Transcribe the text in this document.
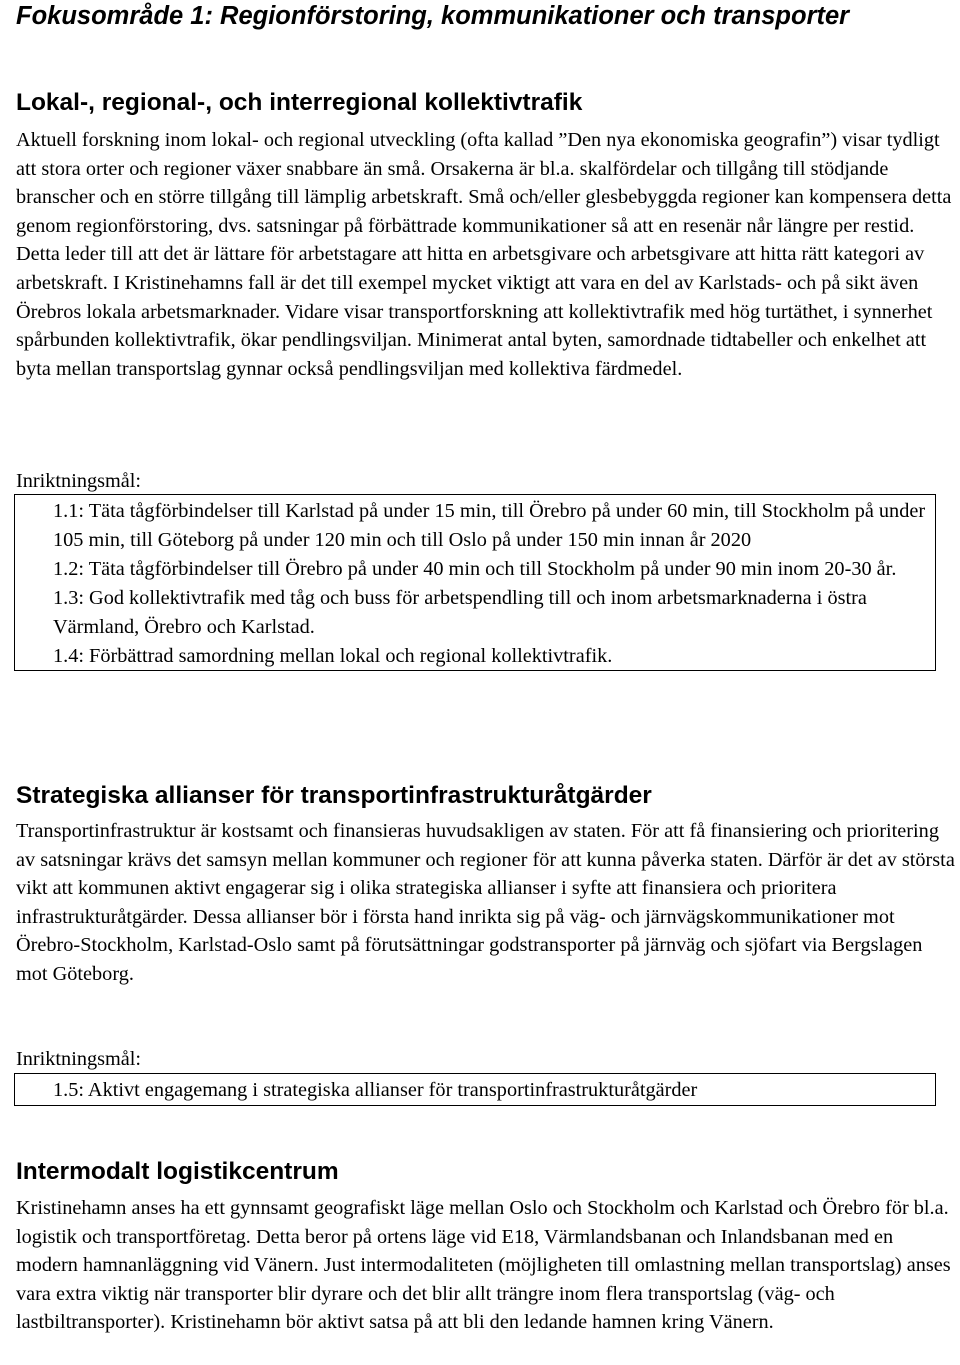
Fokusområde 1: Regionförstoring, kommunikationer och transporter
Lokal-, regional-, och interregional kollektivtrafik

Aktuell forskning inom lokal- och regional utveckling (ofta kallad ”Den nya ekonomiska geografin”) visar tydligt att stora orter och regioner växer snabbare än små. Orsakerna är bl.a. skalfördelar och tillgång till stödjande branscher och en större tillgång till lämplig arbetskraft. Små och/eller glesbebyggda regioner kan kompensera detta genom regionförstoring, dvs. satsningar på förbättrade kommunikationer så att en resenär når längre per restid. Detta leder till att det är lättare för arbetstagare att hitta en arbetsgivare och arbetsgivare att hitta rätt kategori av arbetskraft. I Kristinehamns fall är det till exempel mycket viktigt att vara en del av Karlstads- och på sikt även Örebros lokala arbetsmarknader. Vidare visar transportforskning att kollektivtrafik med hög turtäthet, i synnerhet spårbunden kollektivtrafik, ökar pendlingsviljan. Minimerat antal byten, samordnade tidtabeller och enkelhet att byta mellan transportslag gynnar också pendlingsviljan med kollektiva färdmedel.

Inriktningsmål:

1.1: Täta tågförbindelser till Karlstad på under 15 min, till Örebro på under 60 min, till Stockholm på under 105 min, till Göteborg på under 120 min och till Oslo på under 150 min innan år 2020

1.2: Täta tågförbindelser till Örebro på under 40 min och till Stockholm på under 90 min inom 20-30 år.

1.3: God kollektivtrafik med tåg och buss för arbetspendling till och inom arbetsmarknaderna i östra Värmland, Örebro och Karlstad.

1.4: Förbättrad samordning mellan lokal och regional kollektivtrafik.

Strategiska allianser för transportinfrastrukturåtgärder

Transportinfrastruktur är kostsamt och finansieras huvudsakligen av staten. För att få finansiering och prioritering av satsningar krävs det samsyn mellan kommuner och regioner för att kunna påverka staten. Därför är det av största vikt att kommunen aktivt engagerar sig i olika strategiska allianser i syfte att finansiera och prioritera infrastrukturåtgärder. Dessa allianser bör i första hand inrikta sig på väg- och järnvägskommunikationer mot Örebro-Stockholm, Karlstad-Oslo samt på förutsättningar godstransporter på järnväg och sjöfart via Bergslagen mot Göteborg.

Inriktningsmål:

1.5: Aktivt engagemang i strategiska allianser för transportinfrastrukturåtgärder

Intermodalt logistikcentrum

Kristinehamn anses ha ett gynnsamt geografiskt läge mellan Oslo och Stockholm och Karlstad och Örebro för bl.a. logistik och transportföretag. Detta beror på ortens läge vid E18, Värmlandsbanan och Inlandsbanan med en modern hamnanläggning vid Vänern. Just intermodaliteten (möjligheten till omlastning mellan transportslag) anses vara extra viktig när transporter blir dyrare och det blir allt trängre inom flera transportslag (väg- och lastbiltransporter). Kristinehamn bör aktivt satsa på att bli den ledande hamnen kring Vänern.
